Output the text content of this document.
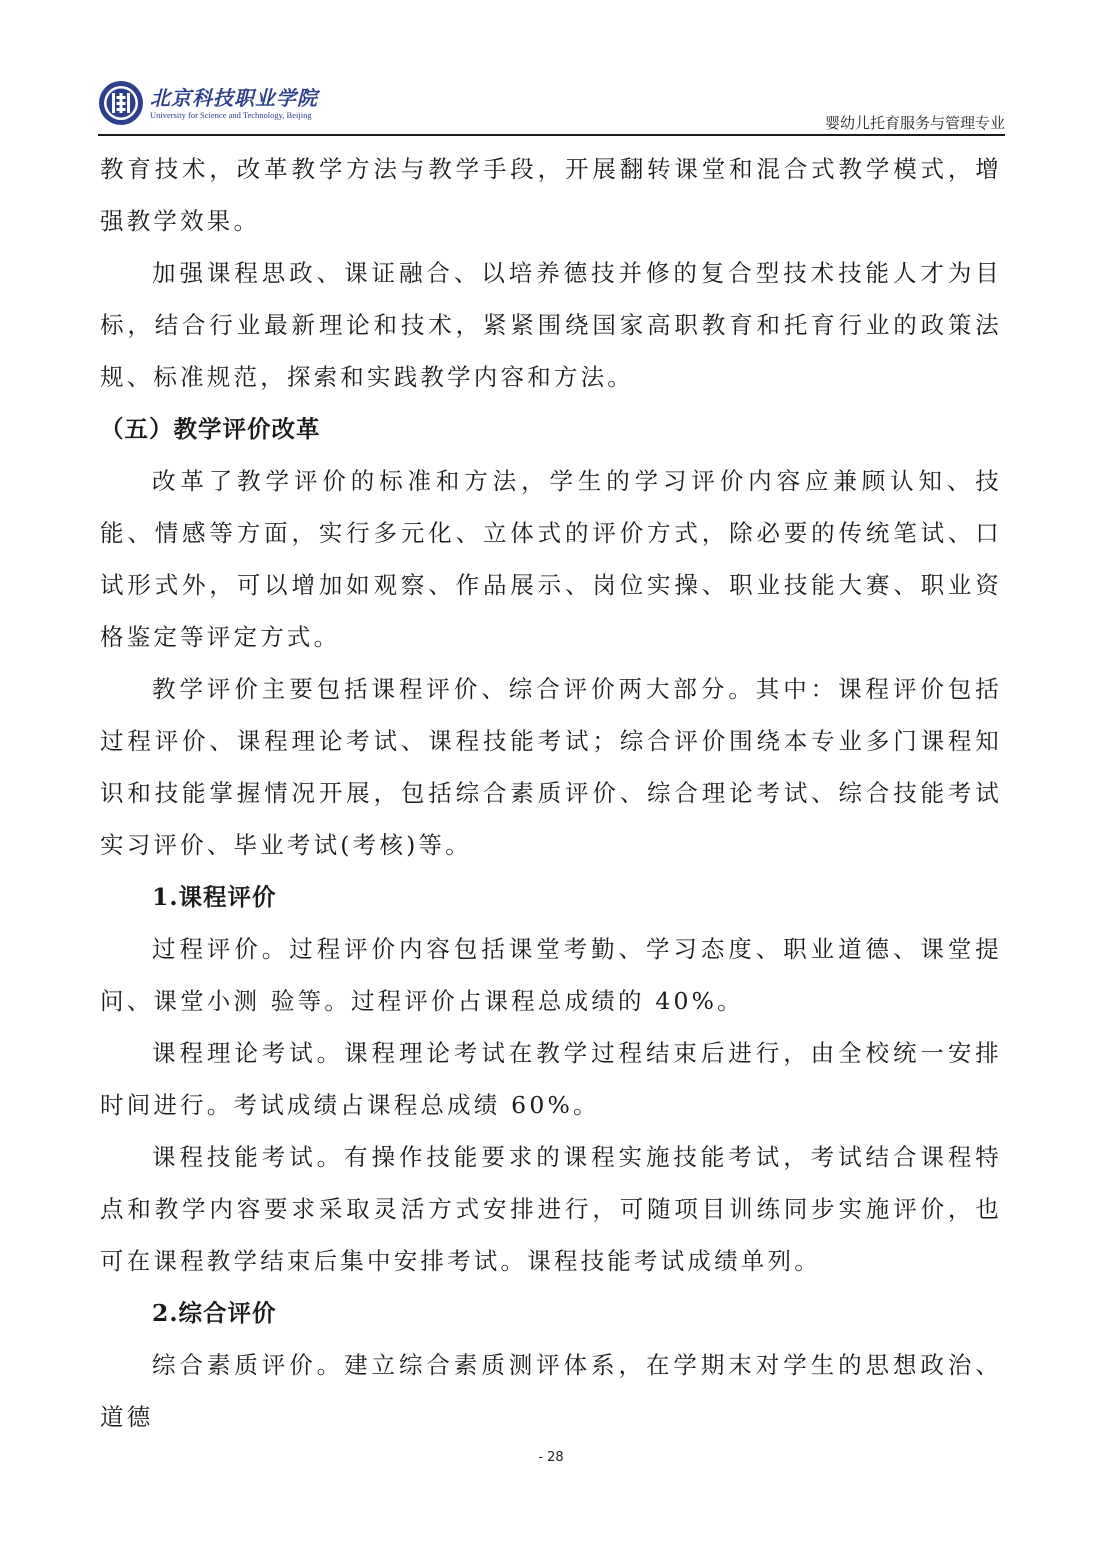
北京科技职业学院
University for Science and Technology, Beijing	婴幼儿托育服务与管理专业

教育技术，改革教学方法与教学手段，开展翻转课堂和混合式教学模式，增强教学效果。

加强课程思政、课证融合、以培养德技并修的复合型技术技能人才为目标，结合行业最新理论和技术，紧紧围绕国家高职教育和托育行业的政策法规、标准规范，探索和实践教学内容和方法。

（五）教学评价改革

改革了教学评价的标准和方法，学生的学习评价内容应兼顾认知、技能、情感等方面，实行多元化、立体式的评价方式，除必要的传统笔试、口试形式外，可以增加如观察、作品展示、岗位实操、职业技能大赛、职业资格鉴定等评定方式。

教学评价主要包括课程评价、综合评价两大部分。其中：课程评价包括过程评价、课程理论考试、课程技能考试；综合评价围绕本专业多门课程知识和技能掌握情况开展，包括综合素质评价、综合理论考试、综合技能考试实习评价、毕业考试(考核)等。

1.课程评价

过程评价。过程评价内容包括课堂考勤、学习态度、职业道德、课堂提问、课堂小测 验等。过程评价占课程总成绩的 40%。

课程理论考试。课程理论考试在教学过程结束后进行，由全校统一安排时间进行。考试成绩占课程总成绩 60%。

课程技能考试。有操作技能要求的课程实施技能考试，考试结合课程特点和教学内容要求采取灵活方式安排进行，可随项目训练同步实施评价，也可在课程教学结束后集中安排考试。课程技能考试成绩单列。

2.综合评价

综合素质评价。建立综合素质测评体系，在学期末对学生的思想政治、道德

- 28
